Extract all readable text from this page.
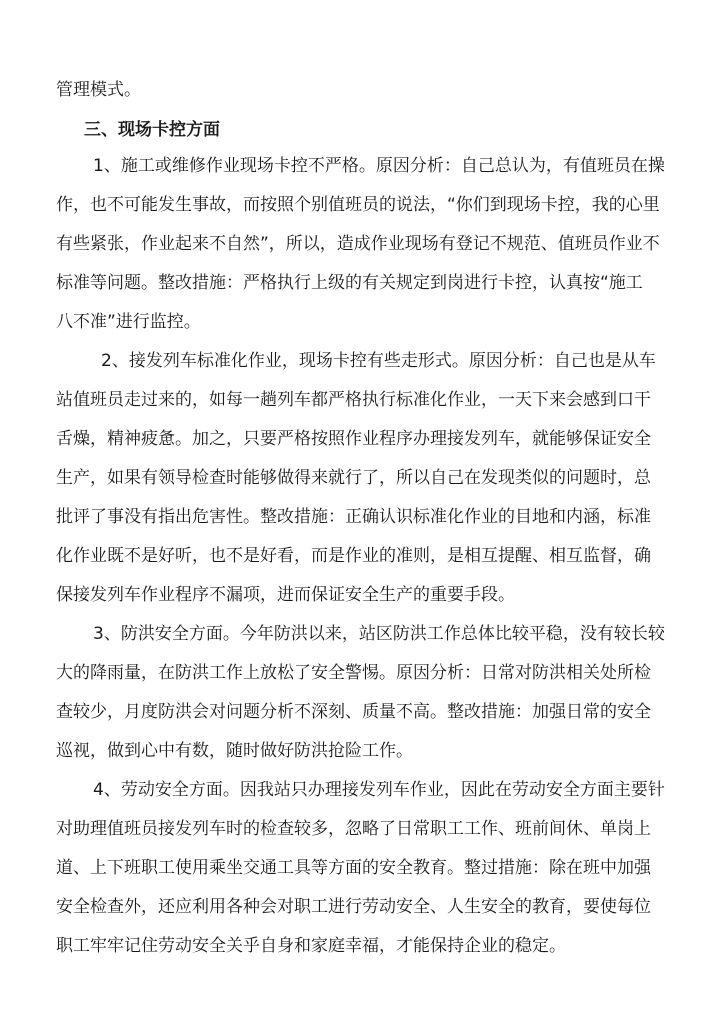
管理模式。
三、现场卡控方面
1、施工或维修作业现场卡控不严格。原因分析：自己总认为，有值班员在操
作，也不可能发生事故，而按照个别值班员的说法，“你们到现场卡控，我的心里
有些紧张，作业起来不自然”，所以，造成作业现场有登记不规范、值班员作业不
标准等问题。整改措施：严格执行上级的有关规定到岗进行卡控，认真按“施工
八不准”进行监控。
2、接发列车标准化作业，现场卡控有些走形式。原因分析：自己也是从车
站值班员走过来的，如每一趟列车都严格执行标准化作业，一天下来会感到口干
舌燥，精神疲惫。加之，只要严格按照作业程序办理接发列车，就能够保证安全
生产，如果有领导检查时能够做得来就行了，所以自己在发现类似的问题时，总
批评了事没有指出危害性。整改措施：正确认识标准化作业的目地和内涵，标准
化作业既不是好听，也不是好看，而是作业的准则，是相互提醒、相互监督，确
保接发列车作业程序不漏项，进而保证安全生产的重要手段。
3、防洪安全方面。今年防洪以来，站区防洪工作总体比较平稳，没有较长较
大的降雨量，在防洪工作上放松了安全警惕。原因分析：日常对防洪相关处所检
查较少，月度防洪会对问题分析不深刻、质量不高。整改措施：加强日常的安全
巡视，做到心中有数，随时做好防洪抢险工作。
4、劳动安全方面。因我站只办理接发列车作业，因此在劳动安全方面主要针
对助理值班员接发列车时的检查较多，忽略了日常职工工作、班前间休、单岗上
道、上下班职工使用乘坐交通工具等方面的安全教育。整过措施：除在班中加强
安全检查外，还应利用各种会对职工进行劳动安全、人生安全的教育，要使每位
职工牢牢记住劳动安全关乎自身和家庭幸福，才能保持企业的稳定。
